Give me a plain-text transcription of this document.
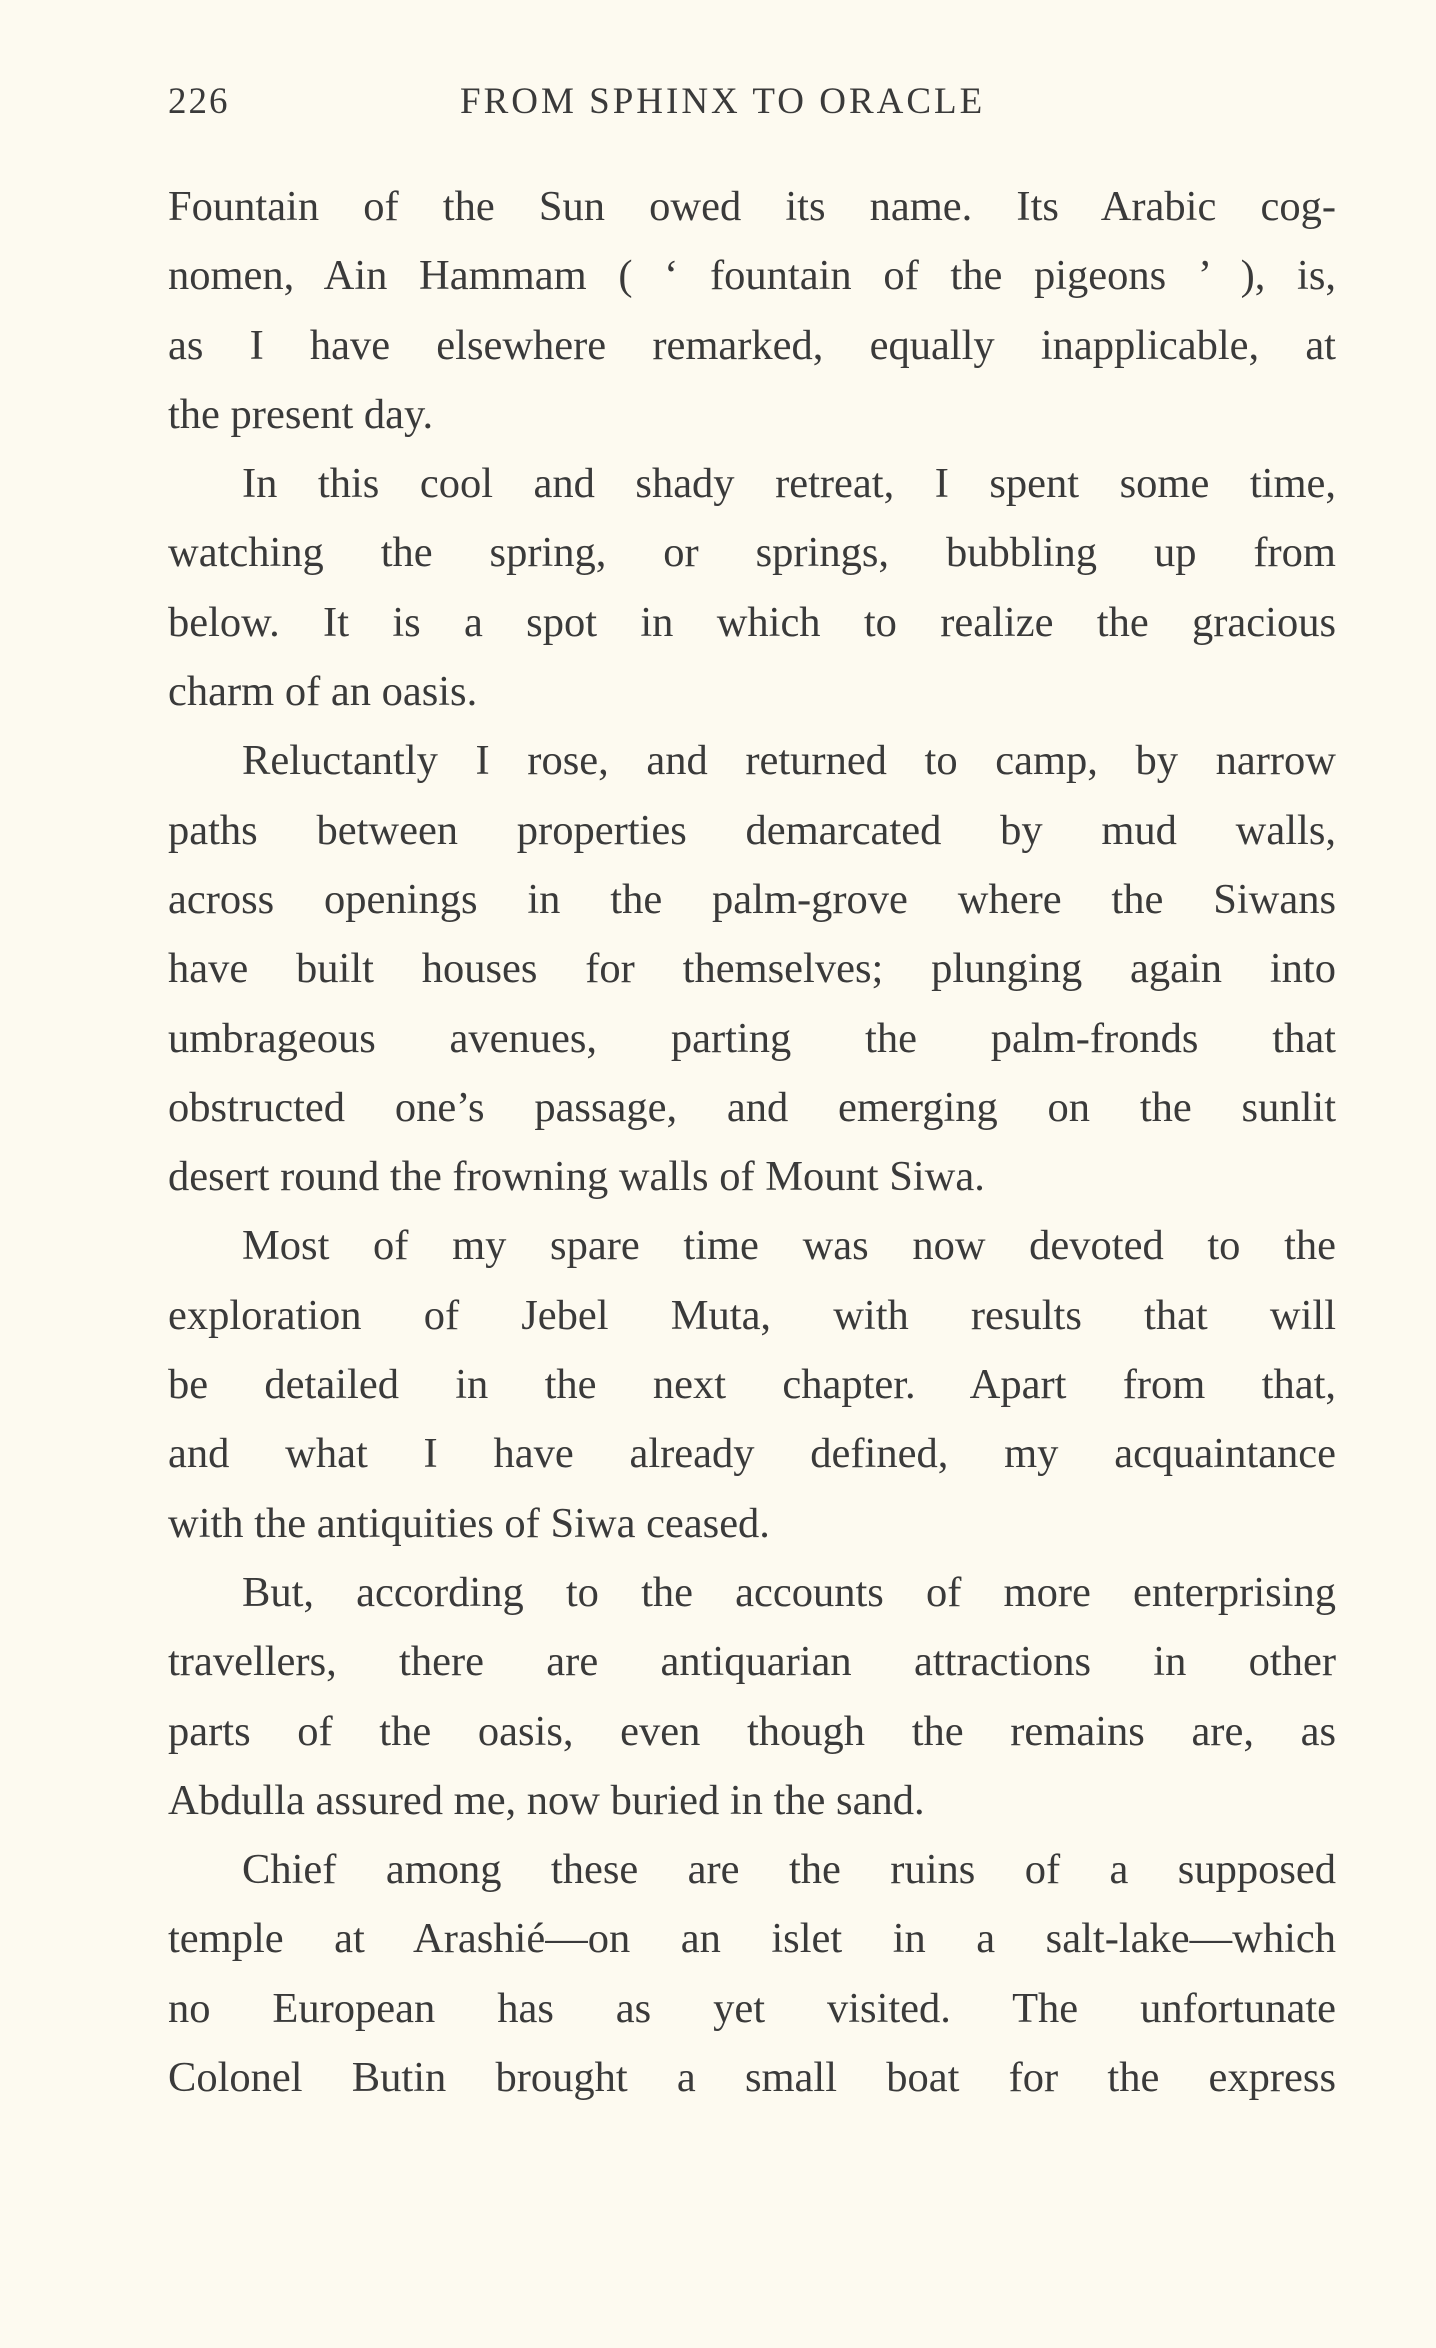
226	FROM SPHINX TO ORACLE
Fountain of the Sun owed its name. Its Arabic cog-
nomen, Ain Hammam ( ‘ fountain of the pigeons ’ ), is,
as I have elsewhere remarked, equally inapplicable, at
the present day.
In this cool and shady retreat, I spent some time,
watching the spring, or springs, bubbling up from
below. It is a spot in which to realize the gracious
charm of an oasis.
Reluctantly I rose, and returned to camp, by narrow
paths between properties demarcated by mud walls,
across openings in the palm-grove where the Siwans
have built houses for themselves; plunging again into
umbrageous avenues, parting the palm-fronds that
obstructed one’s passage, and emerging on the sunlit
desert round the frowning walls of Mount Siwa.
Most of my spare time was now devoted to the
exploration of Jebel Muta, with results that will
be detailed in the next chapter. Apart from that,
and what I have already defined, my acquaintance
with the antiquities of Siwa ceased.
But, according to the accounts of more enterprising
travellers, there are antiquarian attractions in other
parts of the oasis, even though the remains are, as
Abdulla assured me, now buried in the sand.
Chief among these are the ruins of a supposed
temple at Arashié—on an islet in a salt-lake—which
no European has as yet visited. The unfortunate
Colonel Butin brought a small boat for the express
